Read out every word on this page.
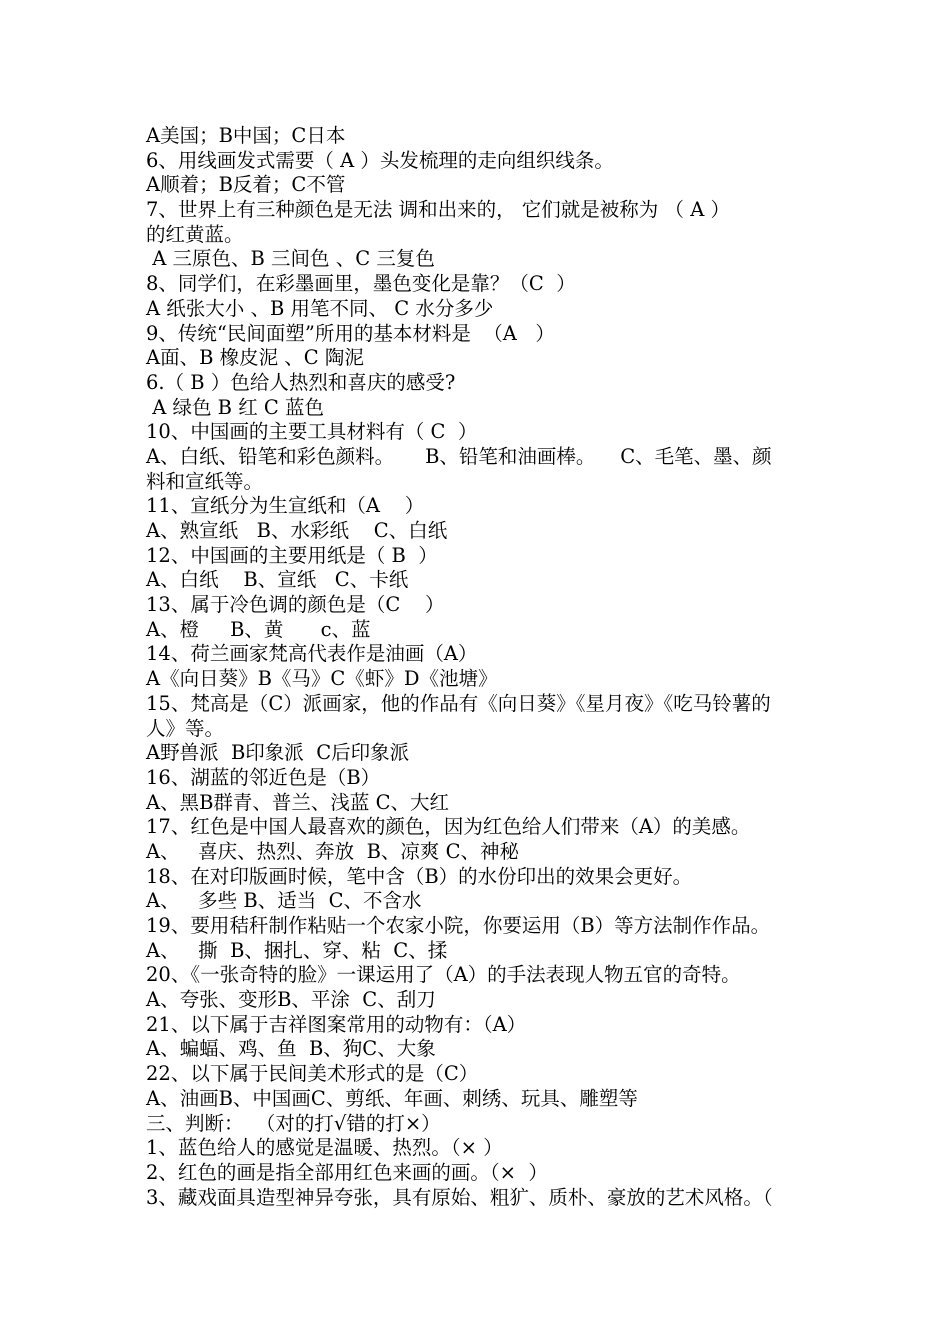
A美国；B中国；C日本
6、用线画发式需要（ A ）头发梳理的走向组织线条。
A顺着；B反着；C不管
7、世界上有三种颜色是无法 调和出来的， 它们就是被称为 （ A ）
的红黄蓝。
A 三原色、B 三间色 、C 三复色
8、同学们，在彩墨画里，墨色变化是靠？（C  ）
A 纸张大小 、B 用笔不同、 C 水分多少
9、传统“民间面塑”所用的基本材料是  （A   ）
A面、B 橡皮泥 、C 陶泥
6.（ B ）色给人热烈和喜庆的感受?
A 绿色 B 红 C 蓝色
10、中国画的主要工具材料有（ C  ）
A、白纸、铅笔和彩色颜料。     B、铅笔和油画棒。    C、毛笔、墨、颜
料和宣纸等。
11、宣纸分为生宣纸和（A    ）
A、熟宣纸   B、水彩纸    C、白纸
12、中国画的主要用纸是（ B  ）
A、白纸    B、宣纸   C、卡纸
13、属于冷色调的颜色是（C    ）
A、橙     B、黄      c、蓝
14、荷兰画家梵高代表作是油画（A）
A《向日葵》B《马》C《虾》D《池塘》
15、梵高是（C）派画家，他的作品有《向日葵》《星月夜》《吃马铃薯的
人》等。
A野兽派  B印象派  C后印象派
16、湖蓝的邻近色是（B）
A、黑B群青、普兰、浅蓝 C、大红
17、红色是中国人最喜欢的颜色，因为红色给人们带来（A）的美感。
A、   喜庆、热烈、奔放  B、凉爽 C、神秘
18、在对印版画时候，笔中含（B）的水份印出的效果会更好。
A、   多些 B、适当  C、不含水
19、要用秸秆制作粘贴一个农家小院，你要运用（B）等方法制作作品。
A、   撕  B、捆扎、穿、粘  C、揉
20、《一张奇特的脸》一课运用了（A）的手法表现人物五官的奇特。
A、夸张、变形B、平涂  C、刮刀
21、以下属于吉祥图案常用的动物有：（A）
A、蝙蝠、鸡、鱼  B、狗C、大象
22、以下属于民间美术形式的是（C）
A、油画B、中国画C、剪纸、年画、刺绣、玩具、雕塑等
三、判断：  （对的打√错的打×）
1、蓝色给人的感觉是温暖、热烈。（× ）
2、红色的画是指全部用红色来画的画。（×  ）
3、藏戏面具造型神异夸张，具有原始、粗犷、质朴、豪放的艺术风格。（
